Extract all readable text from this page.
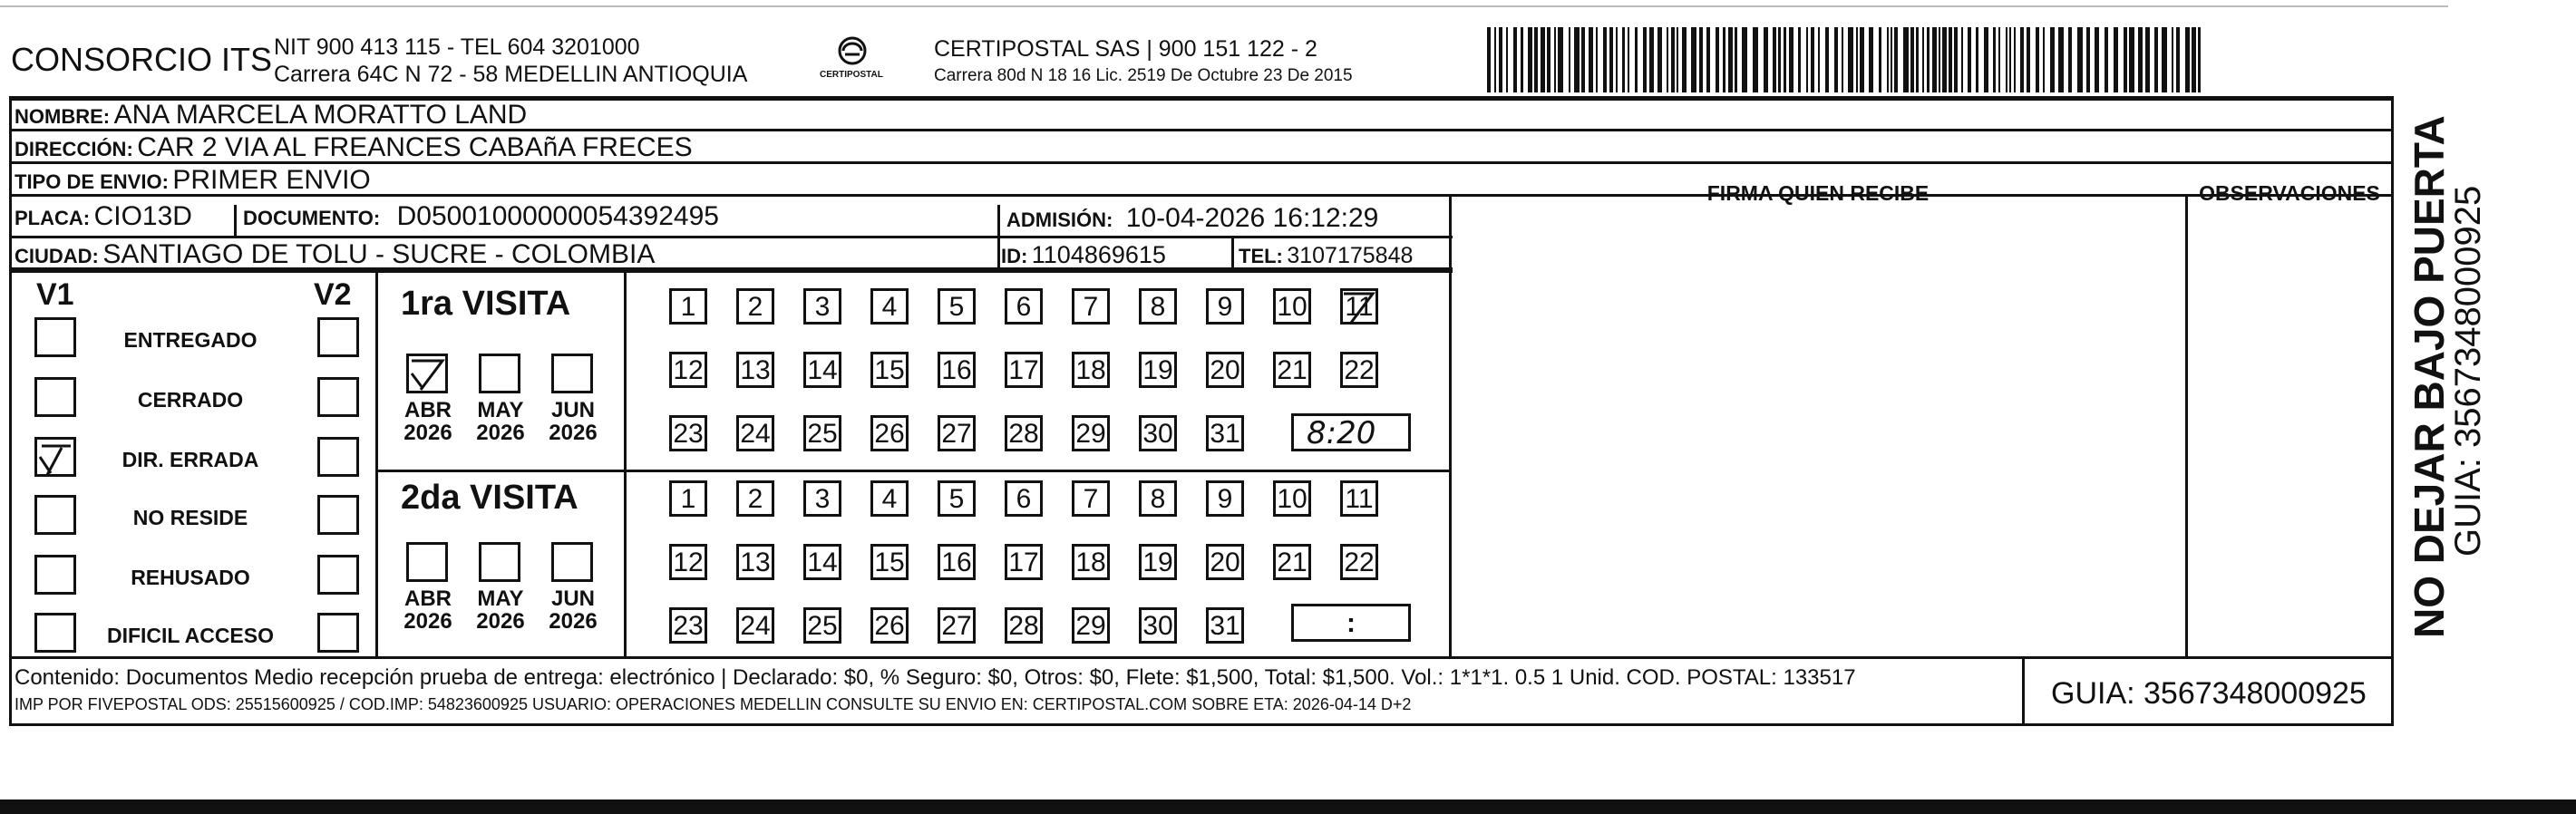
CONSORCIO ITS NIT 900 413 115 - TEL 604 3201000
Carrera 64C N 72 - 58 MEDELLIN ANTIOQUIA	CERTIPOSTAL
CERTIPOSTAL SAS | 900 151 122 - 2
Carrera 80d N 18 16 Lic. 2519 De Octubre 23 De 2015
NOMBRE: ANA MARCELA MORATTO LAND
DIRECCIÓN: CAR 2 VIA AL FREANCES CABAñA FRECES
TIPO DE ENVIO: PRIMER ENVIO
PLACA: CIO13D	DOCUMENTO: D05001000000054392495	ADMISIÓN: 10-04-2026 16:12:29
CIUDAD: SANTIAGO DE TOLU - SUCRE - COLOMBIA	ID: 1104869615	TEL: 3107175848
FIRMA QUIEN RECIBE	OBSERVACIONES
V1	V2
ENTREGADO
CERRADO
DIR. ERRADA
NO RESIDE
REHUSADO
DIFICIL ACCESO
1ra VISITA
2da VISITA
ABR
2026
MAY
2026
JUN
2026
ABR
2026
MAY
2026
JUN
2026
1	2	3	4	5	6	7	8	9	10 11
12 13 14 15 16 17 18 19 20 21 22
23 24 25 26 27 28 29 30 31
1	2	3	4	5	6	7	8	9	10 11
12 13 14 15 16 17 18 19 20 21 22
23 24 25 26 27 28 29 30 31
8:20
:
Contenido: Documentos Medio recepción prueba de entrega: electrónico | Declarado: $0, % Seguro: $0, Otros: $0, Flete: $1,500, Total: $1,500. Vol.: 1*1*1. 0.5 1 Unid. COD. POSTAL: 133517
IMP POR FIVEPOSTAL ODS: 25515600925 / COD.IMP: 54823600925 USUARIO: OPERACIONES MEDELLIN CONSULTE SU ENVIO EN: CERTIPOSTAL.COM SOBRE ETA: 2026-04-14 D+2	GUIA: 3567348000925
NO DEJAR BAJO PUERTA
GUIA: 3567348000925
